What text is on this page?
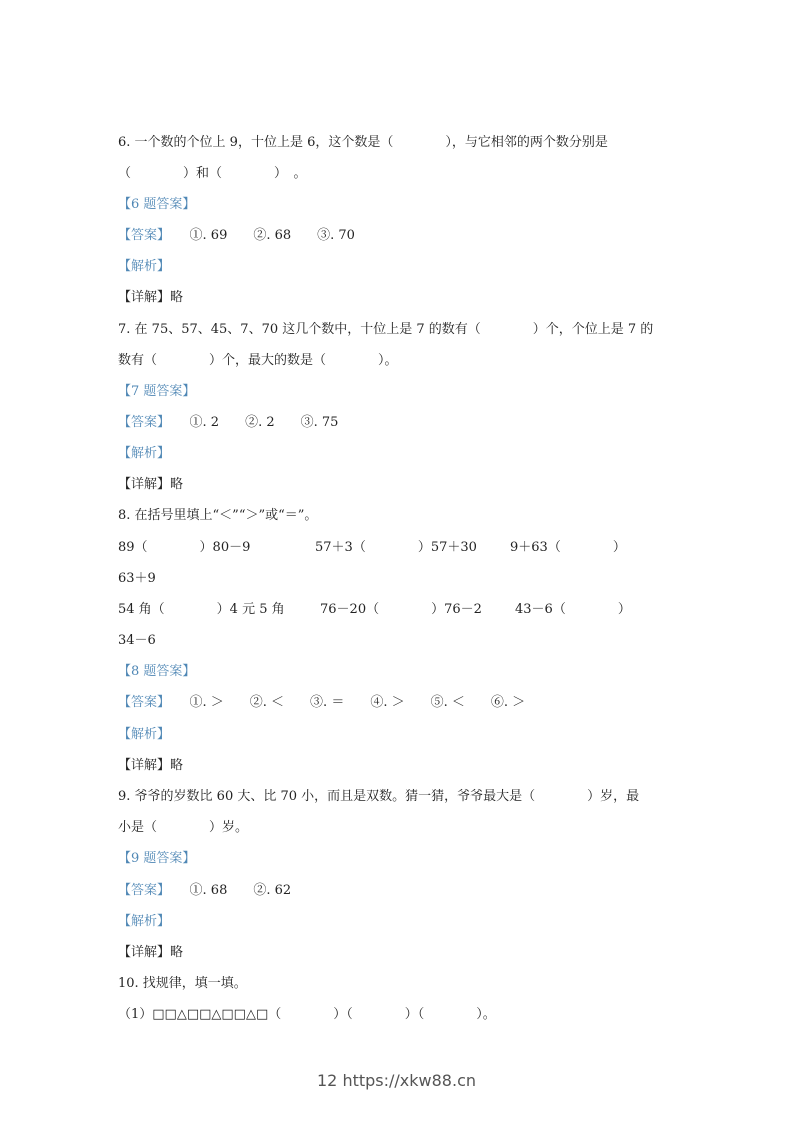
6. 一个数的个位上 9，十位上是 6，这个数是（　　　　），与它相邻的两个数分别是
（　　　　）和（　　　　）　。
【6 题答案】
【答案】　　 ①. 69　　②. 68　　③. 70
【解析】
【详解】略
7. 在 75、57、45、7、70 这几个数中，十位上是 7 的数有（　　　　）个，个位上是 7 的
数有（　　　　）个，最大的数是（　　　　）。
【7 题答案】
【答案】　　 ①. 2　　②. 2　　③. 75
【解析】
【详解】略
8. 在括号里填上“＜”“＞”或“＝”。
89（　　　　）80－9	57＋3（　　　　）57＋30	9＋63（　　　　）
63＋9
54 角（　　　　）4 元 5 角	76－20（　　　　）76－2	43－6（　　　　）
34－6
【8 题答案】
【答案】　　 ①. ＞　　②. ＜　　③. ＝　　④. ＞　　⑤. ＜　　⑥. ＞
【解析】
【详解】略
9. 爷爷的岁数比 60 大、比 70 小，而且是双数。猜一猜，爷爷最大是（　　　　）岁，最
小是（　　　　）岁。
【9 题答案】
【答案】　　 ①. 68　　②. 62
【解析】
【详解】略
10. 找规律，填一填。
（1）□□△□□△□□△□（　　　　）（　　　　）（　　　　）。
12 https://xkw88.cn
